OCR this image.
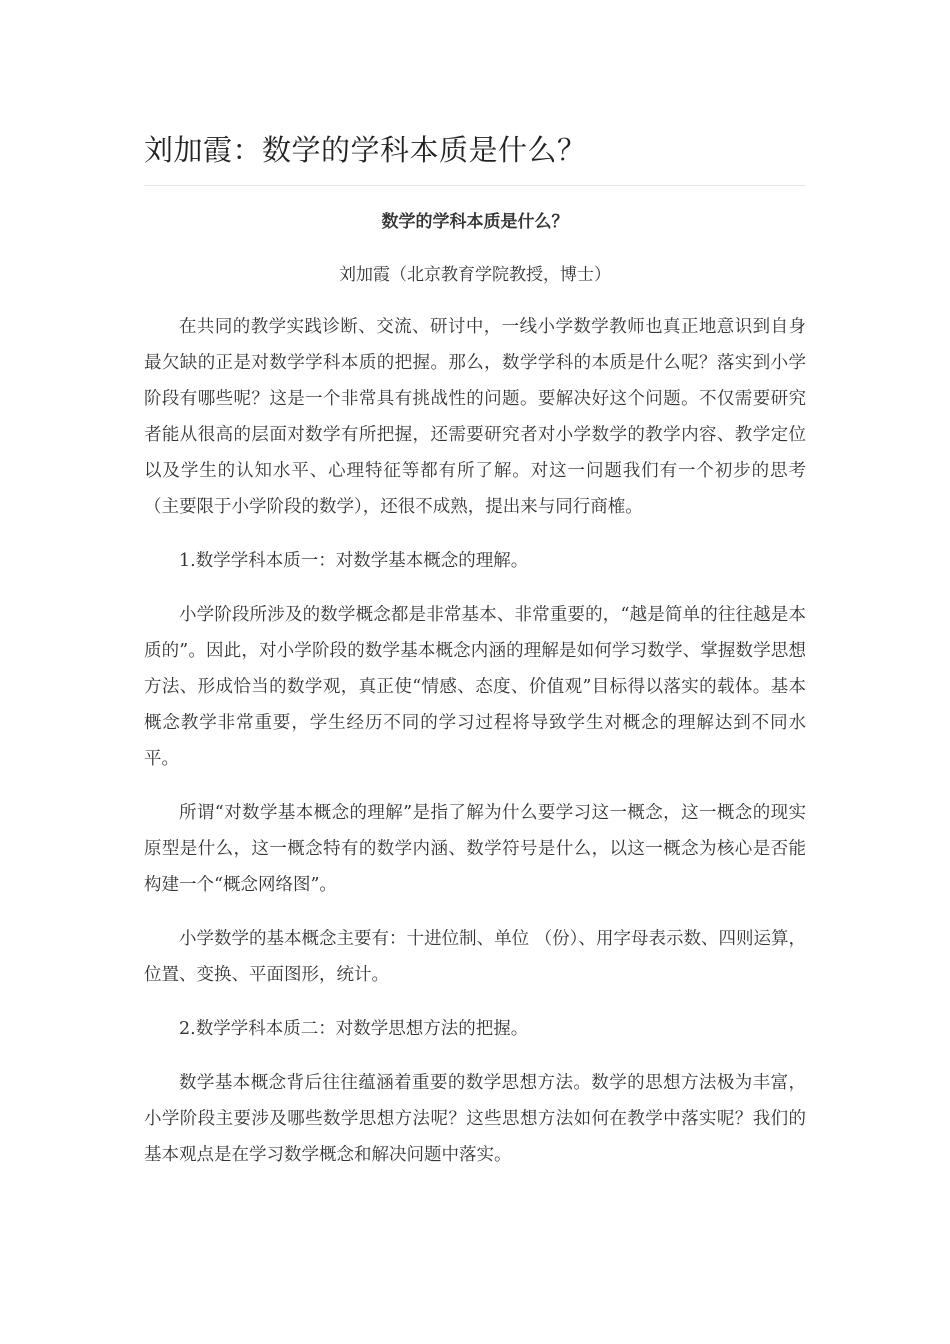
刘加霞：数学的学科本质是什么？
数学的学科本质是什么？
刘加霞（北京教育学院教授，博士）

在共同的教学实践诊断、交流、研讨中，一线小学数学教师也真正地意识到自身最欠缺的正是对数学学科本质的把握。那么，数学学科的本质是什么呢？落实到小学阶段有哪些呢？这是一个非常具有挑战性的问题。要解决好这个问题。不仅需要研究者能从很高的层面对数学有所把握，还需要研究者对小学数学的教学内容、教学定位以及学生的认知水平、心理特征等都有所了解。对这一问题我们有一个初步的思考（主要限于小学阶段的数学），还很不成熟，提出来与同行商榷。

1.数学学科本质一：对数学基本概念的理解。

小学阶段所涉及的数学概念都是非常基本、非常重要的，“越是简单的往往越是本质的”。因此，对小学阶段的数学基本概念内涵的理解是如何学习数学、掌握数学思想方法、形成恰当的数学观，真正使“情感、态度、价值观”目标得以落实的载体。基本概念教学非常重要，学生经历不同的学习过程将导致学生对概念的理解达到不同水平。

所谓“对数学基本概念的理解”是指了解为什么要学习这一概念，这一概念的现实原型是什么，这一概念特有的数学内涵、数学符号是什么，以这一概念为核心是否能构建一个“概念网络图”。

小学数学的基本概念主要有：十进位制、单位 （份）、用字母表示数、四则运算，位置、变换、平面图形，统计。

2.数学学科本质二：对数学思想方法的把握。

数学基本概念背后往往蕴涵着重要的数学思想方法。数学的思想方法极为丰富，小学阶段主要涉及哪些数学思想方法呢？这些思想方法如何在教学中落实呢？我们的基本观点是在学习数学概念和解决问题中落实。
